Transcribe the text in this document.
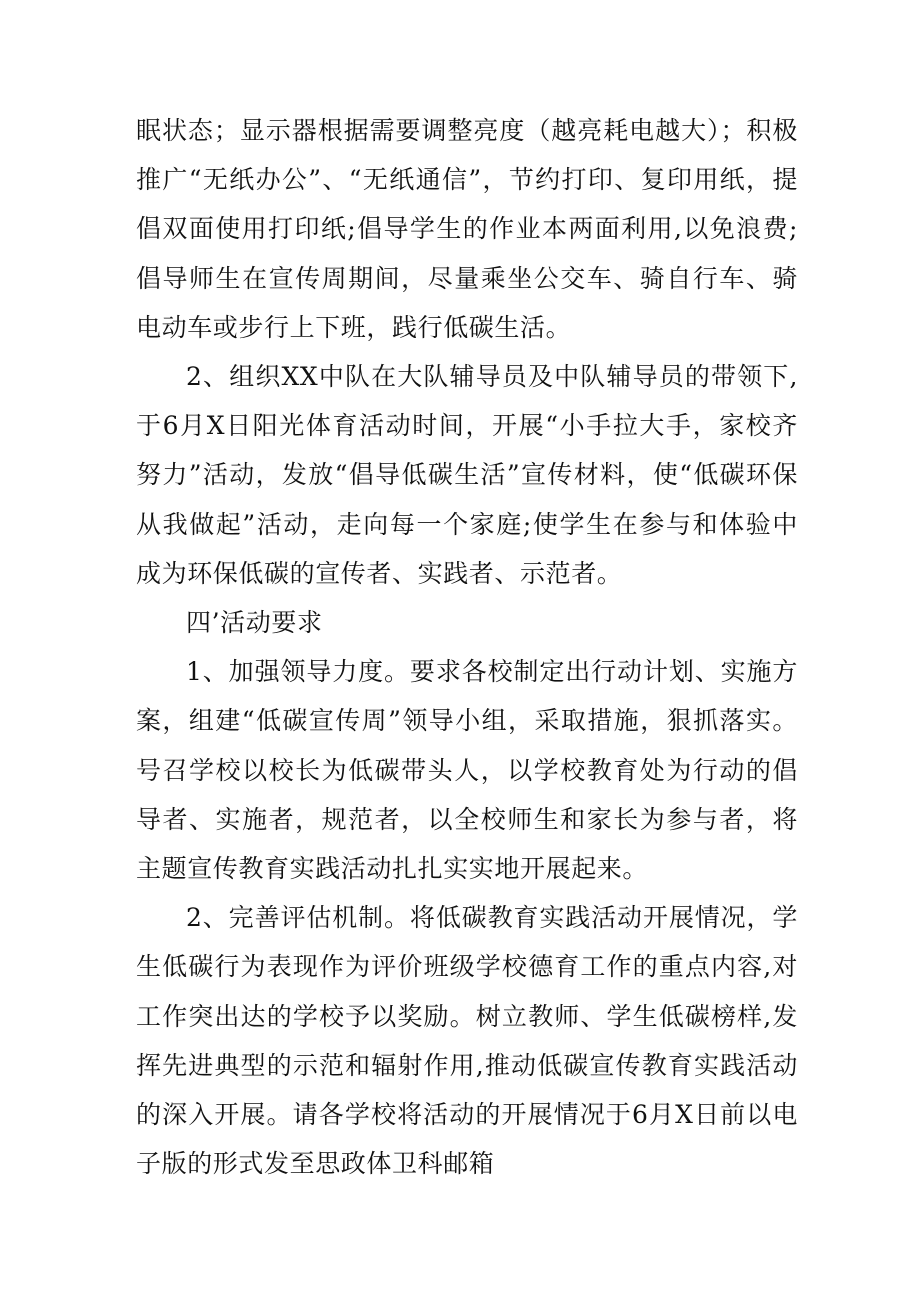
眠状态；显示器根据需要调整亮度（越亮耗电越大）；积极推广“无纸办公”、“无纸通信”，节约打印、复印用纸，提倡双面使用打印纸;倡导学生的作业本两面利用,以免浪费;倡导师生在宣传周期间，尽量乘坐公交车、骑自行车、骑电动车或步行上下班，践行低碳生活。

2、组织XX中队在大队辅导员及中队辅导员的带领下,于6月X日阳光体育活动时间，开展“小手拉大手，家校齐努力”活动，发放“倡导低碳生活”宣传材料，使“低碳环保从我做起”活动，走向每一个家庭;使学生在参与和体验中成为环保低碳的宣传者、实践者、示范者。

四’活动要求

1、加强领导力度。要求各校制定出行动计划、实施方案，组建“低碳宣传周”领导小组，采取措施，狠抓落实。号召学校以校长为低碳带头人，以学校教育处为行动的倡导者、实施者，规范者，以全校师生和家长为参与者，将主题宣传教育实践活动扎扎实实地开展起来。

2、完善评估机制。将低碳教育实践活动开展情况，学生低碳行为表现作为评价班级学校德育工作的重点内容,对工作突出达的学校予以奖励。树立教师、学生低碳榜样,发挥先进典型的示范和辐射作用,推动低碳宣传教育实践活动的深入开展。请各学校将活动的开展情况于6月X日前以电子版的形式发至思政体卫科邮箱
